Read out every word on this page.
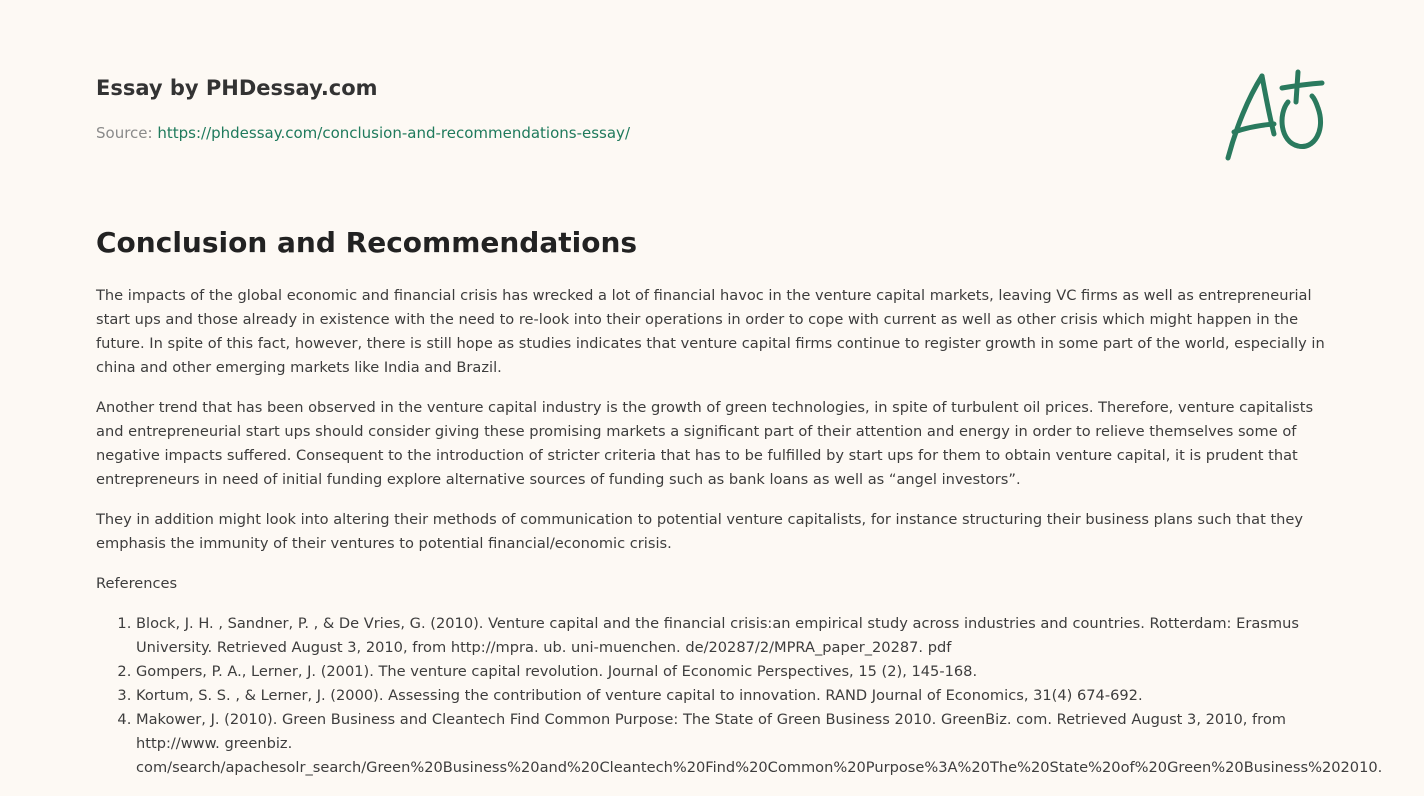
Essay by PHDessay.com
Source: https://phdessay.com/conclusion-and-recommendations-essay/
Conclusion and Recommendations

The impacts of the global economic and financial crisis has wrecked a lot of financial havoc in the venture capital markets, leaving VC firms as well as entrepreneurial start ups and those already in existence with the need to re-look into their operations in order to cope with current as well as other crisis which might happen in the future. In spite of this fact, however, there is still hope as studies indicates that venture capital firms continue to register growth in some part of the world, especially in china and other emerging markets like India and Brazil.

Another trend that has been observed in the venture capital industry is the growth of green technologies, in spite of turbulent oil prices. Therefore, venture capitalists and entrepreneurial start ups should consider giving these promising markets a significant part of their attention and energy in order to relieve themselves some of negative impacts suffered. Consequent to the introduction of stricter criteria that has to be fulfilled by start ups for them to obtain venture capital, it is prudent that entrepreneurs in need of initial funding explore alternative sources of funding such as bank loans as well as “angel investors”.

They in addition might look into altering their methods of communication to potential venture capitalists, for instance structuring their business plans such that they emphasis the immunity of their ventures to potential financial/economic crisis.

References

1. Block, J. H. , Sandner, P. , & De Vries, G. (2010). Venture capital and the financial crisis:an empirical study across industries and countries. Rotterdam: Erasmus University. Retrieved August 3, 2010, from http://mpra. ub. uni-muenchen. de/20287/2/MPRA_paper_20287. pdf
2. Gompers, P. A., Lerner, J. (2001). The venture capital revolution. Journal of Economic Perspectives, 15 (2), 145-168.
3. Kortum, S. S. , & Lerner, J. (2000). Assessing the contribution of venture capital to innovation. RAND Journal of Economics, 31(4) 674-692.
4. Makower, J. (2010). Green Business and Cleantech Find Common Purpose: The State of Green Business 2010. GreenBiz. com. Retrieved August 3, 2010, from http://www. greenbiz.
com/search/apachesolr_search/Green%20Business%20and%20Cleantech%20Find%20Common%20Purpose%3A%20The%20State%20of%20Green%20Business%202010.
